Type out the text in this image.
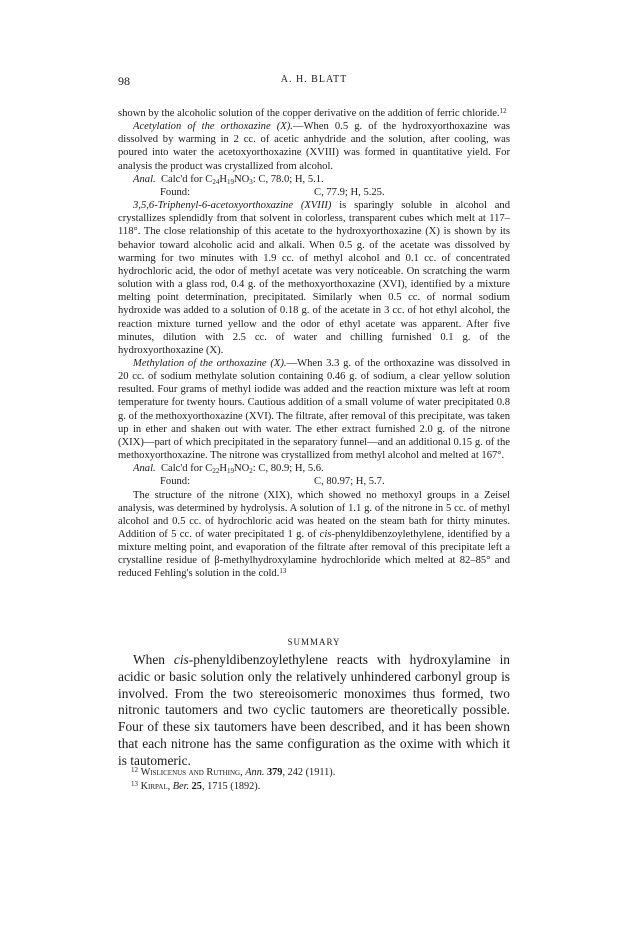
98	A. H. BLATT

shown by the alcoholic solution of the copper derivative on the addition of ferric chloride.$^{12}$

Acetylation of the orthoxazine (X).—When 0.5 g. of the hydroxyorthoxazine was dissolved by warming in 2 cc. of acetic anhydride and the solution, after cooling, was poured into water the acetoxyorthoxazine (XVIII) was formed in quantitative yield. For analysis the product was crystallized from alcohol.

Anal. Calc'd for $C_{24}H_{19}NO_3$: C, 78.0; H, 5.1.

Found:	C, 77.9; H, 5.25.

3,5,6-Triphenyl-6-acetoxyorthoxazine (XVIII) is sparingly soluble in alcohol and crystallizes splendidly from that solvent in colorless, transparent cubes which melt at 117–118°. The close relationship of this acetate to the hydroxyorthoxazine (X) is shown by its behavior toward alcoholic acid and alkali. When 0.5 g. of the acetate was dissolved by warming for two minutes with 1.9 cc. of methyl alcohol and 0.1 cc. of concentrated hydrochloric acid, the odor of methyl acetate was very noticeable. On scratching the warm solution with a glass rod, 0.4 g. of the methoxyorthoxazine (XVI), identified by a mixture melting point determination, precipitated. Similarly when 0.5 cc. of normal sodium hydroxide was added to a solution of 0.18 g. of the acetate in 3 cc. of hot ethyl alcohol, the reaction mixture turned yellow and the odor of ethyl acetate was apparent. After five minutes, dilution with 2.5 cc. of water and chilling furnished 0.1 g. of the hydroxyorthoxazine (X).

Methylation of the orthoxazine (X).—When 3.3 g. of the orthoxazine was dissolved in 20 cc. of sodium methylate solution containing 0.46 g. of sodium, a clear yellow solution resulted. Four grams of methyl iodide was added and the reaction mixture was left at room temperature for twenty hours. Cautious addition of a small volume of water precipitated 0.8 g. of the methoxyorthoxazine (XVI). The filtrate, after removal of this precipitate, was taken up in ether and shaken out with water. The ether extract furnished 2.0 g. of the nitrone (XIX)—part of which precipitated in the separatory funnel—and an additional 0.15 g. of the methoxyorthoxazine. The nitrone was crystallized from methyl alcohol and melted at 167°.

Anal. Calc'd for $C_{22}H_{19}NO_2$: C, 80.9; H, 5.6.

Found:	C, 80.97; H, 5.7.

The structure of the nitrone (XIX), which showed no methoxyl groups in a Zeisel analysis, was determined by hydrolysis. A solution of 1.1 g. of the nitrone in 5 cc. of methyl alcohol and 0.5 cc. of hydrochloric acid was heated on the steam bath for thirty minutes. Addition of 5 cc. of water precipitated 1 g. of cis-phenyldibenzoylethylene, identified by a mixture melting point, and evaporation of the filtrate after removal of this precipitate left a crystalline residue of β-methylhydroxylamine hydrochloride which melted at 82–85° and reduced Fehling's solution in the cold.$^{13}$

SUMMARY

When cis-phenyldibenzoylethylene reacts with hydroxylamine in acidic or basic solution only the relatively unhindered carbonyl group is involved. From the two stereoisomeric monoximes thus formed, two nitronic tautomers and two cyclic tautomers are theoretically possible. Four of these six tautomers have been described, and it has been shown that each nitrone has the same configuration as the oxime with which it is tautomeric.

$^{12}$ Wislicenus and Ruthing, Ann. 379, 242 (1911).

$^{13}$ Kirpal, Ber. 25, 1715 (1892).
